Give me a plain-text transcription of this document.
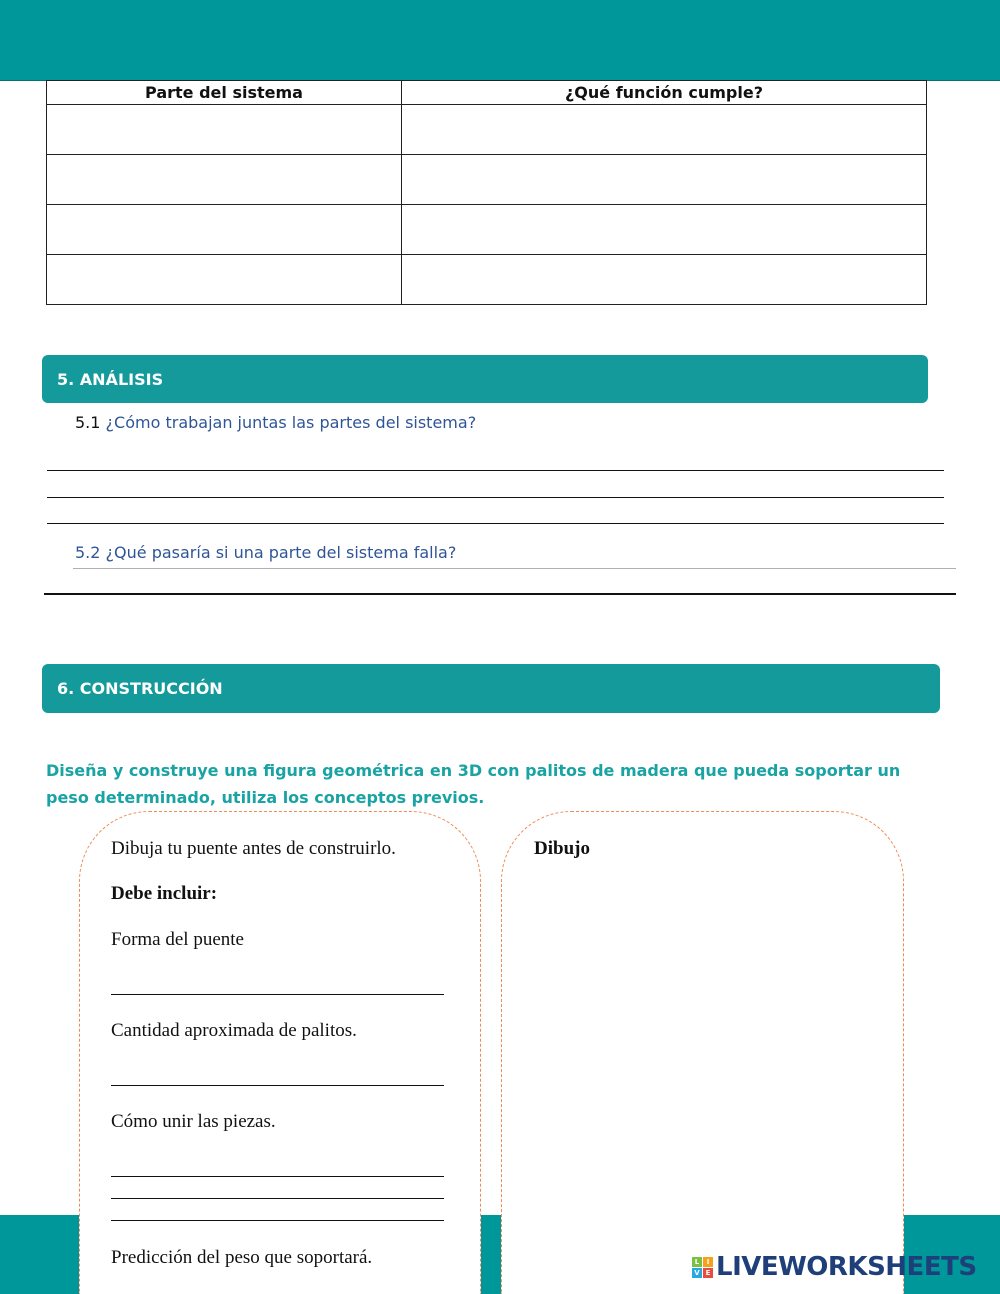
Parte del sistema	¿Qué función cumple?

5. ANÁLISIS
5.1 ¿Cómo trabajan juntas las partes del sistema?
5.2 ¿Qué pasaría si una parte del sistema falla?
6. CONSTRUCCIÓN
Diseña y construye una figura geométrica en 3D con palitos de madera que pueda soportar un peso determinado, utiliza los conceptos previos.
Dibuja tu puente antes de construirlo.
Debe incluir:
Forma del puente
Cantidad aproximada de palitos.
Cómo unir las piezas.
Predicción del peso que soportará.
Dibujo
L	I
V E LIVEWORKSHEETS
